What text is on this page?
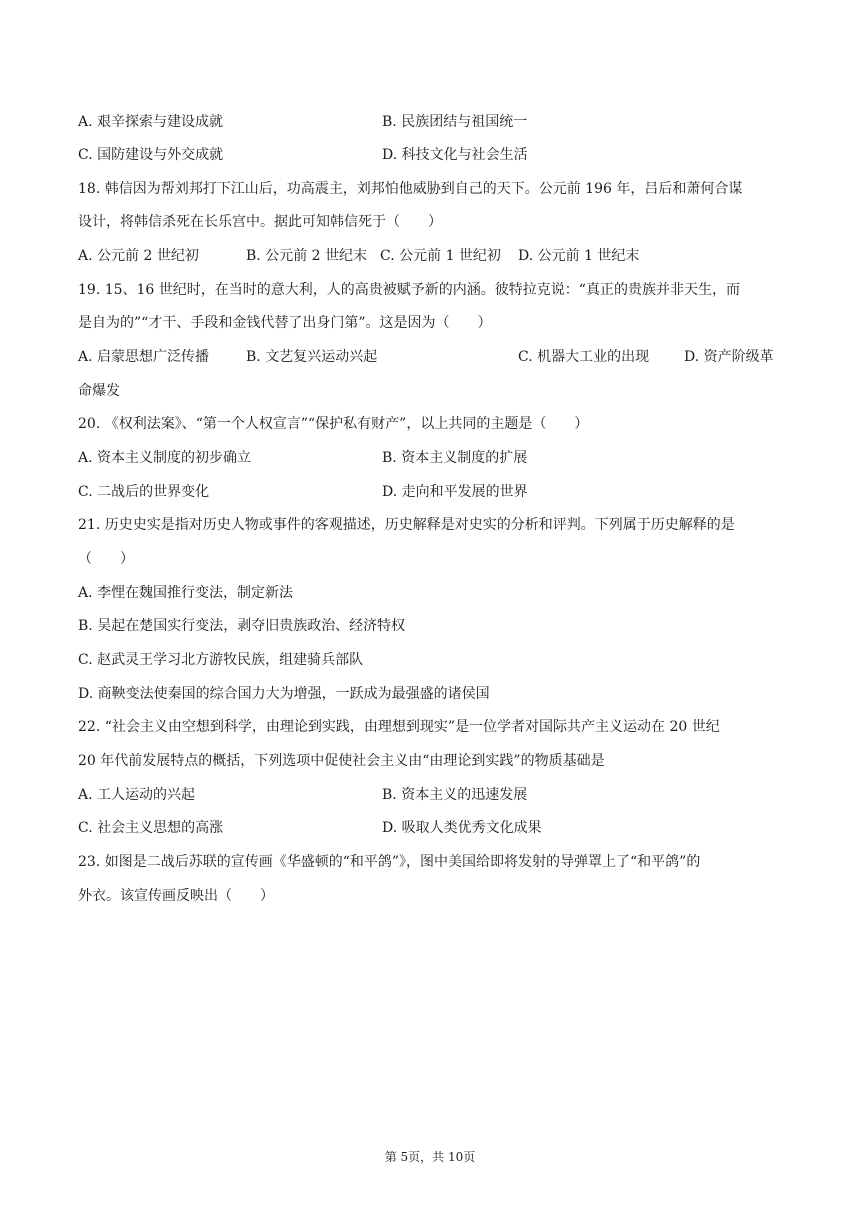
A. 艰辛探索与建设成就	B. 民族团结与祖国统一
C. 国防建设与外交成就	D. 科技文化与社会生活
18. 韩信因为帮刘邦打下江山后，功高震主，刘邦怕他威胁到自己的天下。公元前 196 年，吕后和萧何合谋
设计，将韩信杀死在长乐宫中。据此可知韩信死于（　　）
A. 公元前 2 世纪初	B. 公元前 2 世纪末 C. 公元前 1 世纪初 D. 公元前 1 世纪末
19. 15、16 世纪时，在当时的意大利，人的高贵被赋予新的内涵。彼特拉克说：“真正的贵族并非天生，而
是自为的”“才干、手段和金钱代替了出身门第”。这是因为（　　）
A. 启蒙思想广泛传播	B. 文艺复兴运动兴起	C. 机器大工业的出现 D. 资产阶级革
命爆发
20. 《权利法案》、“第一个人权宣言”“保护私有财产”，以上共同的主题是（　　）
A. 资本主义制度的初步确立	B. 资本主义制度的扩展
C. 二战后的世界变化	D. 走向和平发展的世界
21. 历史史实是指对历史人物或事件的客观描述，历史解释是对史实的分析和评判。下列属于历史解释的是
（　　）
A. 李悝在魏国推行变法，制定新法
B. 吴起在楚国实行变法，剥夺旧贵族政治、经济特权
C. 赵武灵王学习北方游牧民族，组建骑兵部队
D. 商鞅变法使秦国的综合国力大为增强，一跃成为最强盛的诸侯国
22. “社会主义由空想到科学，由理论到实践，由理想到现实”是一位学者对国际共产主义运动在 20 世纪
20 年代前发展特点的概括，下列选项中促使社会主义由“由理论到实践”的物质基础是
A. 工人运动的兴起	B. 资本主义的迅速发展
C. 社会主义思想的高涨	D. 吸取人类优秀文化成果
23. 如图是二战后苏联的宣传画《华盛顿的“和平鸽”》，图中美国给即将发射的导弹罩上了“和平鸽”的
外衣。该宣传画反映出（　　）
第 5页，共 10页
